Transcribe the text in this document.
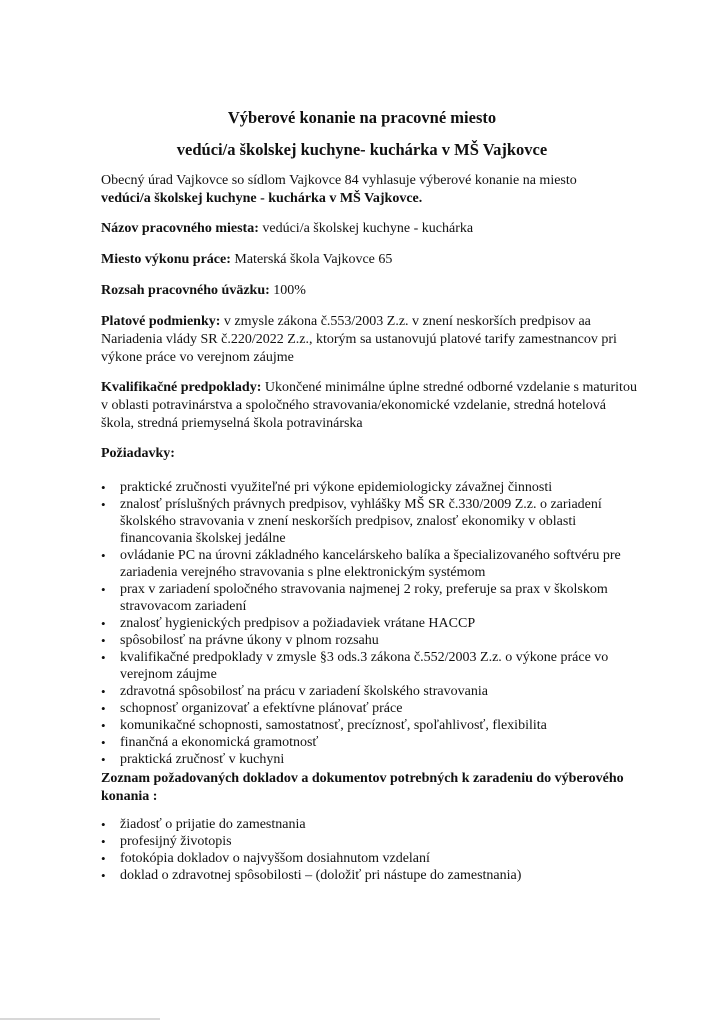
Výberové konanie na pracovné miesto
vedúci/a školskej kuchyne- kuchárka v MŠ Vajkovce

Obecný úrad Vajkovce so sídlom Vajkovce 84 vyhlasuje výberové konanie na miesto
vedúci/a školskej kuchyne - kuchárka v MŠ Vajkovce.

Názov pracovného miesta: vedúci/a školskej kuchyne - kuchárka

Miesto výkonu práce: Materská škola Vajkovce 65

Rozsah pracovného úväzku: 100%

Platové podmienky: v zmysle zákona č.553/2003 Z.z. v znení neskorších predpisov aa Nariadenia vlády SR č.220/2022 Z.z., ktorým sa ustanovujú platové tarify zamestnancov pri výkone práce vo verejnom záujme

Kvalifikačné predpoklady: Ukončené minimálne úplne stredné odborné vzdelanie s maturitou v oblasti potravinárstva a spoločného stravovania/ekonomické vzdelanie, stredná hotelová škola, stredná priemyselná škola potravinárska

Požiadavky:

•	praktické zručnosti využiteľné pri výkone epidemiologicky závažnej činnosti
•	znalosť príslušných právnych predpisov, vyhlášky MŠ SR č.330/2009 Z.z. o zariadení školského stravovania v znení neskorších predpisov, znalosť ekonomiky v oblasti financovania školskej jedálne
•	ovládanie PC na úrovni základného kancelárskeho balíka a špecializovaného softvéru pre zariadenia verejného stravovania s plne elektronickým systémom
•	prax v zariadení spoločného stravovania najmenej 2 roky, preferuje sa prax v školskom stravovacom zariadení
•	znalosť hygienických predpisov a požiadaviek vrátane HACCP
•	spôsobilosť na právne úkony v plnom rozsahu
•	kvalifikačné predpoklady v zmysle §3 ods.3 zákona č.552/2003 Z.z. o výkone práce vo verejnom záujme
•	zdravotná spôsobilosť na prácu v zariadení školského stravovania
•	schopnosť organizovať a efektívne plánovať práce
•	komunikačné schopnosti, samostatnosť, precíznosť, spoľahlivosť, flexibilita
•	finančná a ekonomická gramotnosť
•	praktická zručnosť v kuchyni

Zoznam požadovaných dokladov a dokumentov potrebných k zaradeniu do výberového konania :

•	žiadosť o prijatie do zamestnania
•	profesijný životopis
•	fotokópia dokladov o najvyššom dosiahnutom vzdelaní
•	doklad o zdravotnej spôsobilosti – (doložiť pri nástupe do zamestnania)
